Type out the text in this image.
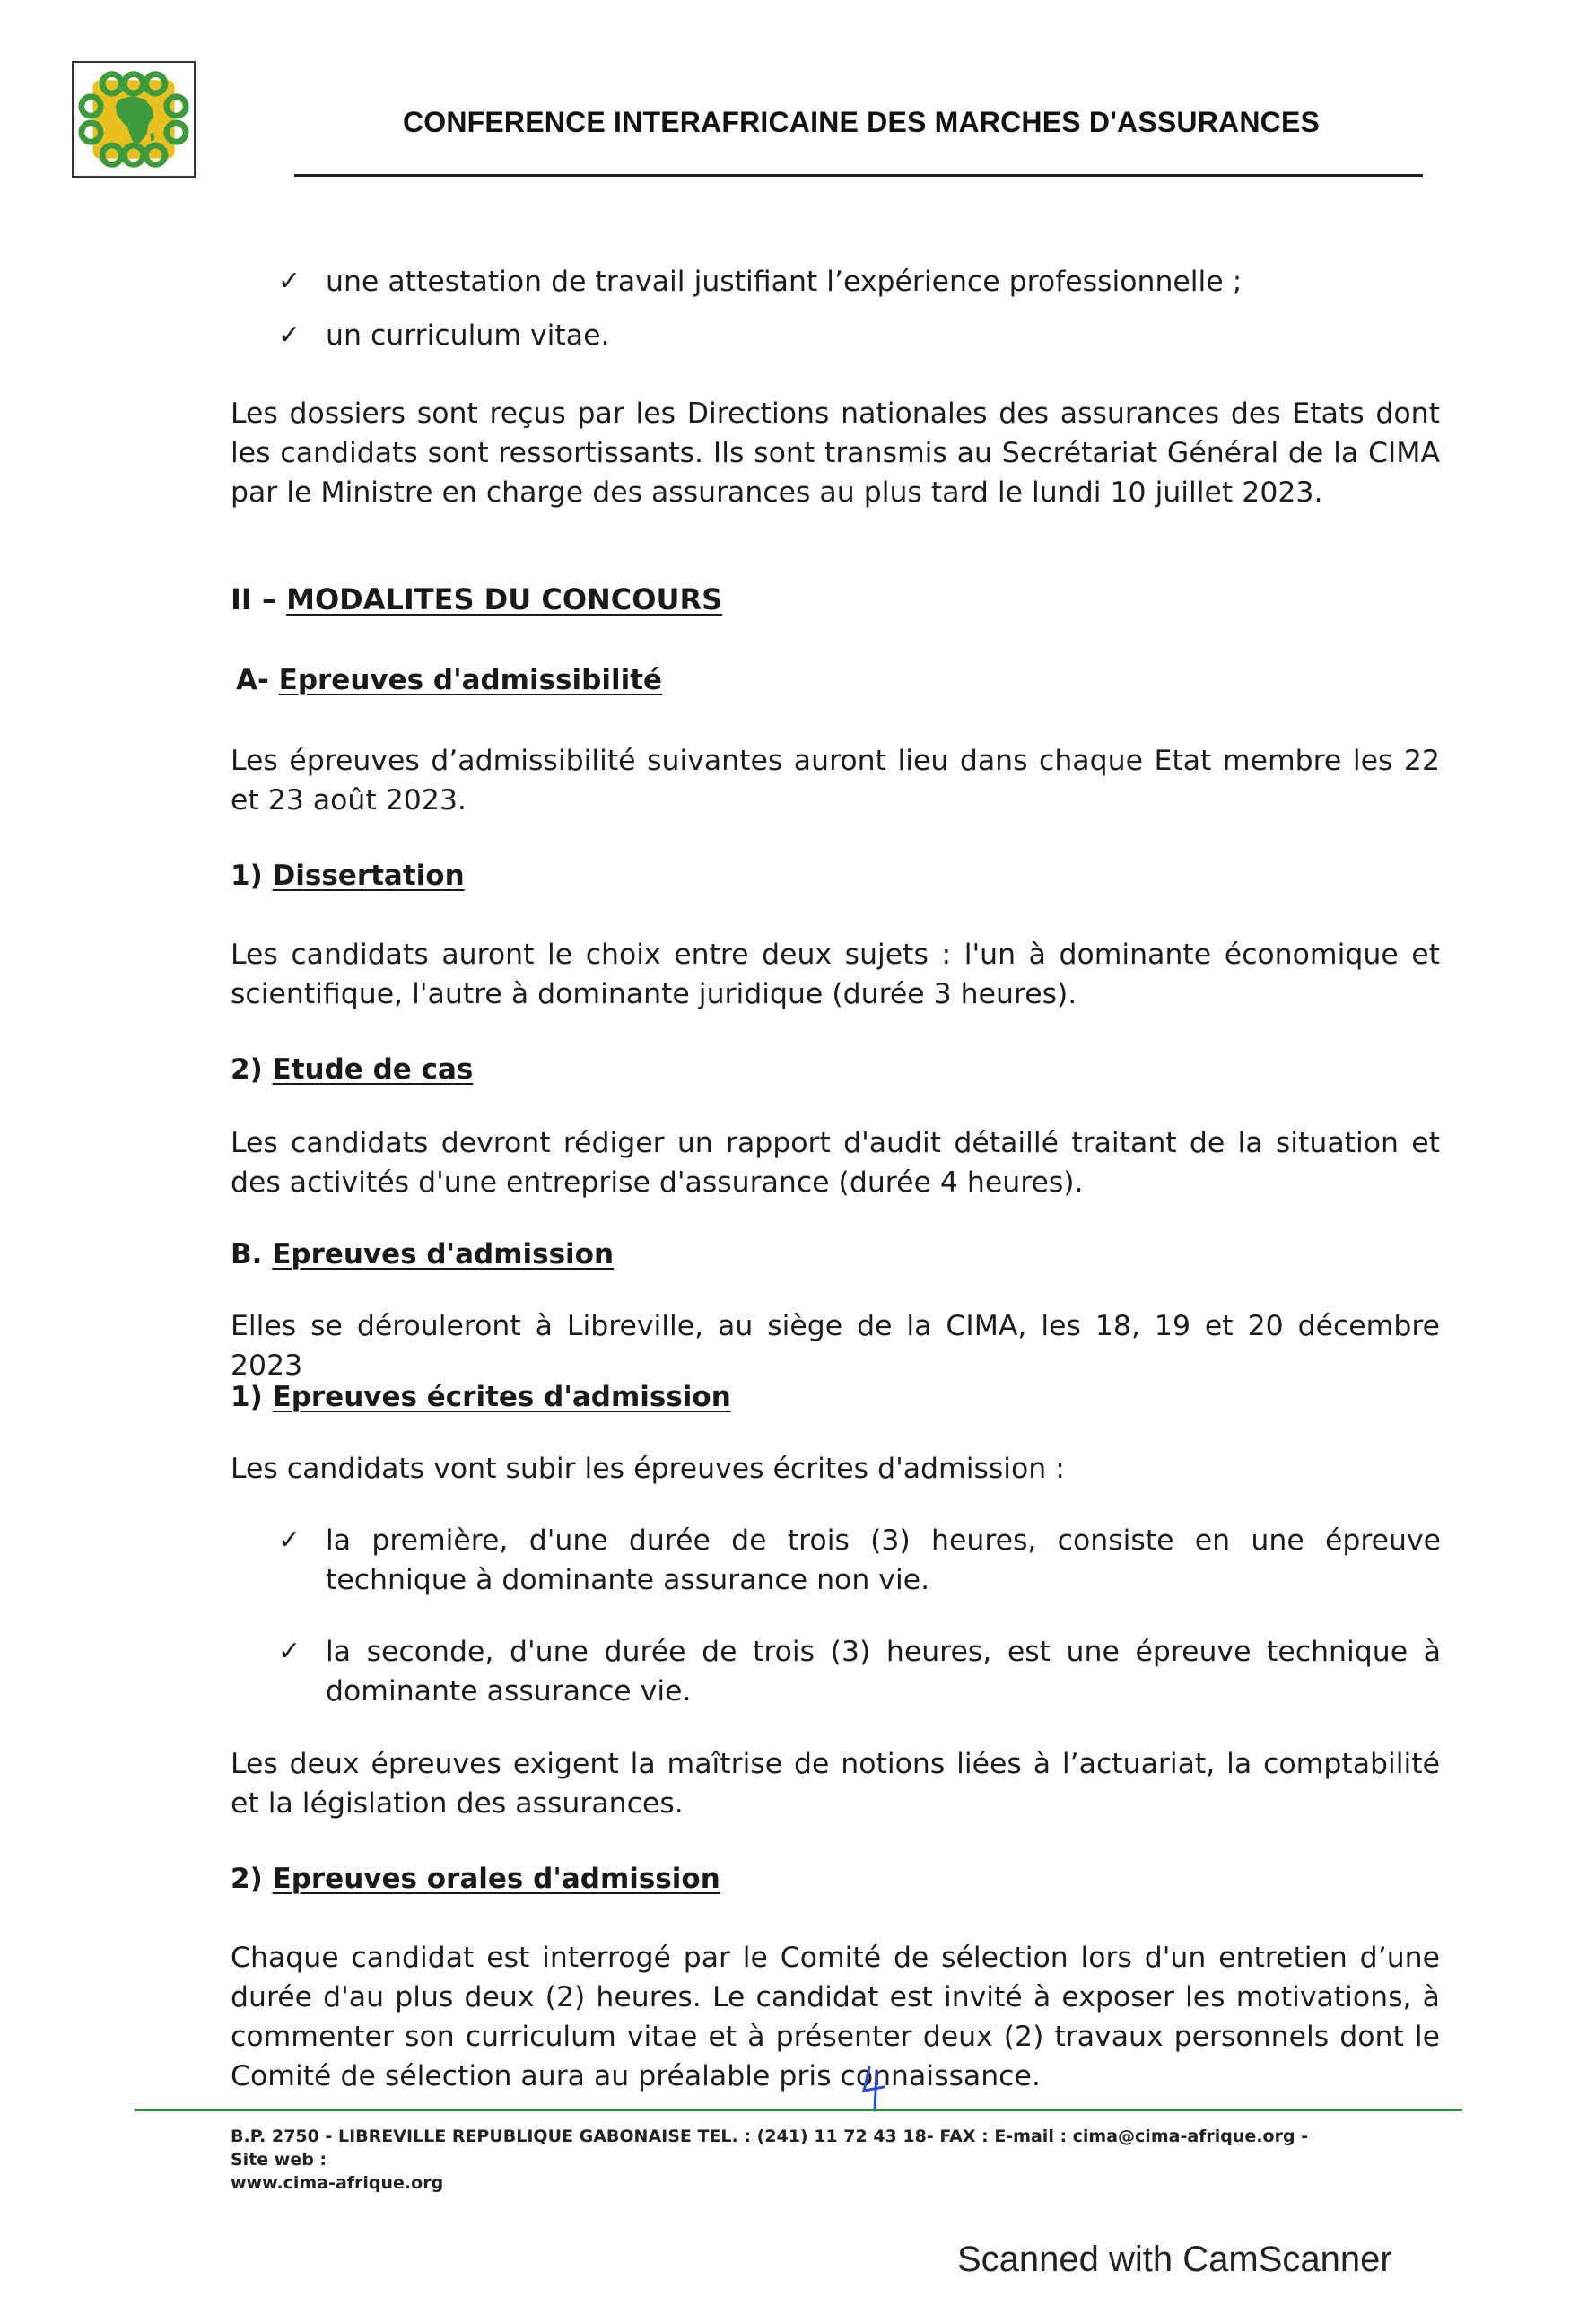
CONFERENCE INTERAFRICAINE DES MARCHES D'ASSURANCES
✓ une attestation de travail justifiant l’expérience professionnelle ;
✓ un curriculum vitae.

Les dossiers sont reçus par les Directions nationales des assurances des Etats dont les candidats sont ressortissants. Ils sont transmis au Secrétariat Général de la CIMA par le Ministre en charge des assurances au plus tard le lundi 10 juillet 2023.

II – MODALITES DU CONCOURS
A- Epreuves d'admissibilité

Les épreuves d’admissibilité suivantes auront lieu dans chaque Etat membre les 22 et 23 août 2023.

1) Dissertation

Les candidats auront le choix entre deux sujets : l'un à dominante économique et scientifique, l'autre à dominante juridique (durée 3 heures).

2) Etude de cas

Les candidats devront rédiger un rapport d'audit détaillé traitant de la situation et des activités d'une entreprise d'assurance (durée 4 heures).

B. Epreuves d'admission

Elles se dérouleront à Libreville, au siège de la CIMA, les 18, 19 et 20 décembre 2023

1) Epreuves écrites d'admission

Les candidats vont subir les épreuves écrites d'admission :

✓ la première, d'une durée de trois (3) heures, consiste en une épreuve technique à dominante assurance non vie.
✓ la seconde, d'une durée de trois (3) heures, est une épreuve technique à dominante assurance vie.

Les deux épreuves exigent la maîtrise de notions liées à l’actuariat, la comptabilité et la législation des assurances.

2) Epreuves orales d'admission

Chaque candidat est interrogé par le Comité de sélection lors d'un entretien d’une durée d'au plus deux (2) heures. Le candidat est invité à exposer les motivations, à commenter son curriculum vitae et à présenter deux (2) travaux personnels dont le Comité de sélection aura au préalable pris connaissance.

B.P. 2750 - LIBREVILLE REPUBLIQUE GABONAISE TEL. : (241) 11 72 43 18- FAX : E-mail : cima@cima-afrique.org - Site web :
www.cima-afrique.org
Scanned with CamScanner
